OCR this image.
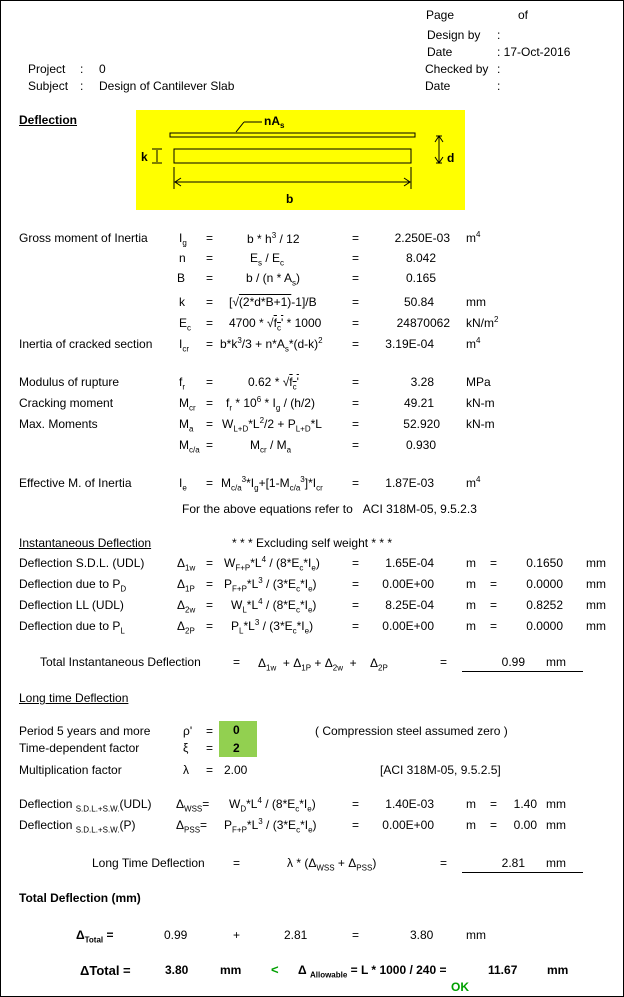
Page	of
Design by :
Date	: 17-Oct-2016
Project : 0	Checked by :
Subject : Design of Cantilever Slab	Date	:
Deflection	$nA_s$
k	d
b
Gross moment of Inertia	$I_g$ =	b * $h^3 / 12$	=	2.250E-03 $m^4$
n =	$E_s / E_c$	=	8.042
B =	b / $(n * A_s)$	=	0.165
k = [√(2*d*B+1)-1]/B	=	50.84	mm
$E_c = 4700 * √f_c' * 1000$	=	24870062 $kN/m^2$
Inertia of cracked section $I_{cr} = b*k^3/3 + n*A_s*(d-k)^2$ =	3.19E-04	$m^4$
Modulus of rupture	$f_r$ =	$0.62 * √f_c'$	=	3.28	MPa
Cracking moment	$M_{cr} = f_r * 10^6 * I_g / (h/2)$	=	49.21	kN-m
Max. Moments	$M_a = W_{L+D}*L^2/2 + P_{L+D}*L$	=	52.920 kN-m
$M_{c/a}$ =	$M_{cr} / M_a$	=	0.930
Effective M. of Inertia	$I_e = M_{c/a}^3*I_g+[1-M_{c/a}^3]*I_{cr}$ =	1.87E-03	$m^4$
For the above equations refer to ACI 318M-05, 9.5.2.3
Instantaneous Deflection	* * * Excluding self weight * * *
Deflection S.D.L. (UDL)	$\Delta_{1w} = W_{F+P}*L^4 / (8*E_c*I_e)$	=	1.65E-04	m =	0.1650 mm
Deflection due to $P_D$	$\Delta_{1P} = P_{F+P}*L^3 / (3*E_c*I_e)$	=	0.00E+00	m =	0.0000 mm
Deflection LL (UDL)	$\Delta_{2w} = W_L*L^4 / (8*E_c*I_e)$	=	8.25E-04	m =	0.8252 mm
Deflection due to $P_L$	$\Delta_{2P} = P_L*L^3 / (3*E_c*I_e)$	=	0.00E+00	m =	0.0000 mm
Total Instantaneous Deflection	= $\Delta_{1w} + \Delta_{1P} + \Delta_{2w}$  +    $\Delta_{2P}$	=	0.99 mm
Long time Deflection
Period 5 years and more	ρ' =	0	( Compression steel assumed zero )
Time-dependent factor	ξ =	2
Multiplication factor	λ = 2.00	[ACI 318M-05, 9.5.2.5]
Deflection $_{S.D.L.+S.W.}$(UDL) $\Delta_{WSS}= W_D*L^4 / (8*E_c*I_e)$	=	1.40E-03	m =	1.40 mm
Deflection $_{S.D.L.+S.W.}$(P)	$\Delta_{PSS}= P_{F+P}*L^3 / (3*E_c*I_e)$	=	0.00E+00	m =	0.00 mm
Long Time Deflection =	$\lambda * (\Delta_{WSS} + \Delta_{PSS})$	=	2.81 mm
Total Deflection (mm)
$\Delta_{Total}$ =	0.99	+	2.81	=	3.80	mm
ΔTotal =	3.80	mm < Δ $_{Allowable}$ = L * 1000 / 240 =	11.67 mm
OK
